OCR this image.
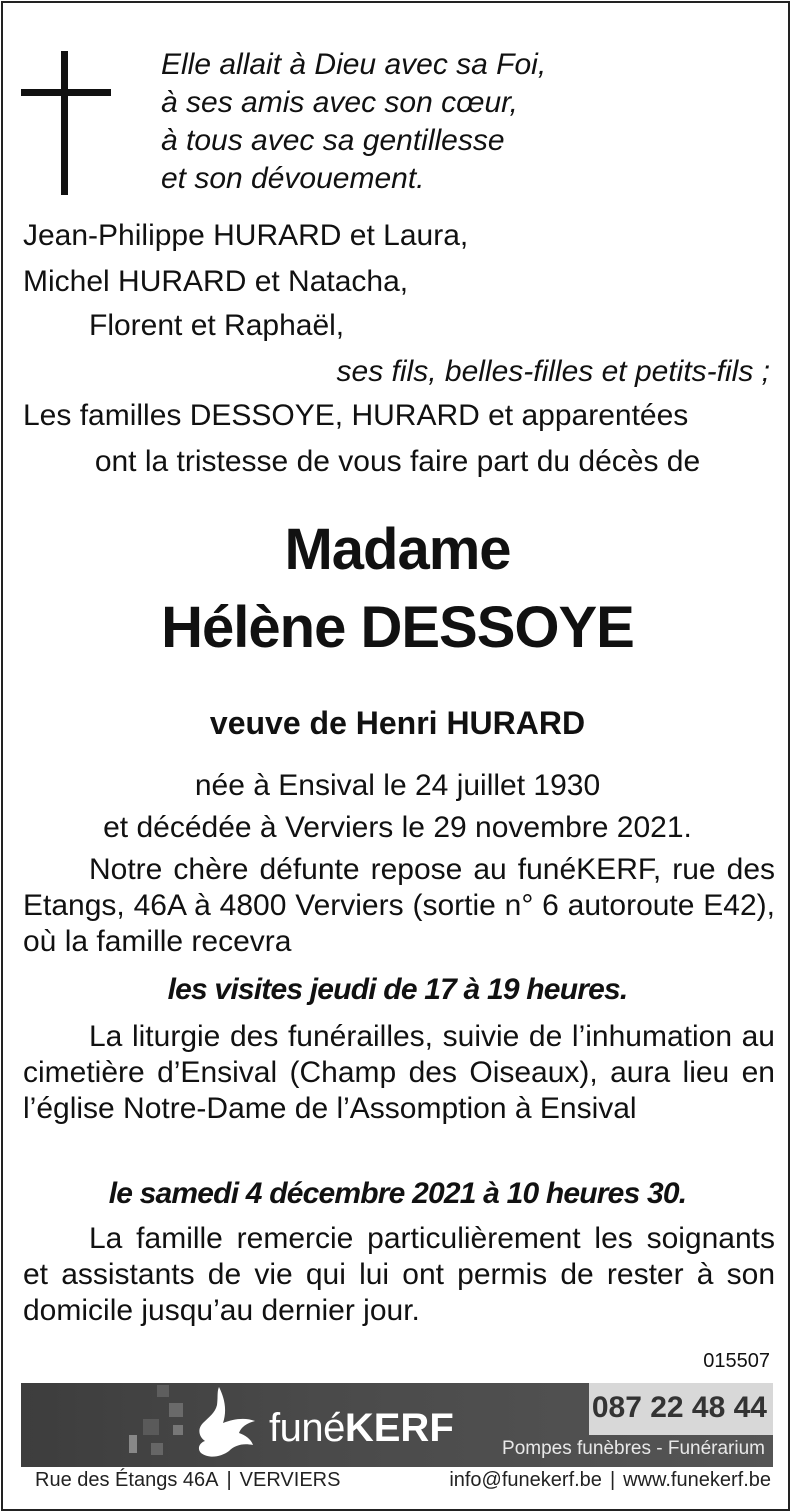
Elle allait à Dieu avec sa Foi,
à ses amis avec son cœur,
à tous avec sa gentillesse
et son dévouement.
Jean-Philippe HURARD et Laura,
Michel HURARD et Natacha,
Florent et Raphaël,
ses fils, belles-filles et petits-fils ;
Les familles DESSOYE, HURARD et apparentées
ont la tristesse de vous faire part du décès de
Madame
Hélène DESSOYE
veuve de Henri HURARD
née à Ensival le 24 juillet 1930
et décédée à Verviers le 29 novembre 2021.
Notre chère défunte repose au funéKERF, rue des Etangs, 46A à 4800 Verviers (sortie n° 6 autoroute E42), où la famille recevra
les visites jeudi de 17 à 19 heures.
La liturgie des funérailles, suivie de l’inhumation au cimetière d’Ensival (Champ des Oiseaux), aura lieu en l’église Notre-Dame de l’Assomption à Ensival
le samedi 4 décembre 2021 à 10 heures 30.
La famille remercie particulièrement les soignants et assistants de vie qui lui ont permis de rester à son domicile jusqu’au dernier jour.
015507
funéKERF	087 22 48 44
Pompes funèbres - Funérarium
Rue des Étangs 46A | VERVIERS	info@funekerf.be | www.funekerf.be
